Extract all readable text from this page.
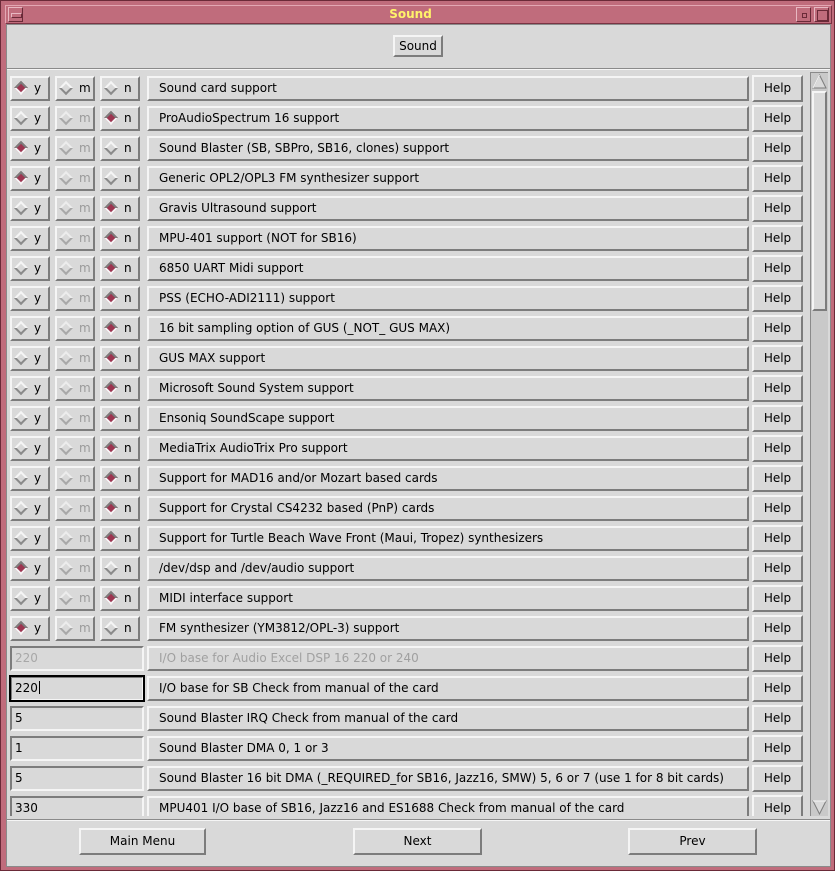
Sound
Sound
y	m	n	Sound card support	Help
y	m	n	ProAudioSpectrum 16 support	Help
y	m	n	Sound Blaster (SB, SBPro, SB16, clones) support	Help
y	m	n	Generic OPL2/OPL3 FM synthesizer support	Help
y	m	n	Gravis Ultrasound support	Help
y	m	n	MPU-401 support (NOT for SB16)	Help
y	m	n	6850 UART Midi support	Help
y	m	n	PSS (ECHO-ADI2111) support	Help
y	m	n	16 bit sampling option of GUS (_NOT_ GUS MAX)	Help
y	m	n	GUS MAX support	Help
y	m	n	Microsoft Sound System support	Help
y	m	n	Ensoniq SoundScape support	Help
y	m	n	MediaTrix AudioTrix Pro support	Help
y	m	n	Support for MAD16 and/or Mozart based cards	Help
y	m	n	Support for Crystal CS4232 based (PnP) cards	Help
y	m	n	Support for Turtle Beach Wave Front (Maui, Tropez) synthesizers	Help
y	m	n	/dev/dsp and /dev/audio support	Help
y	m	n	MIDI interface support	Help
y	m	n	FM synthesizer (YM3812/OPL-3) support	Help
220	I/O base for Audio Excel DSP 16 220 or 240	Help
220	I/O base for SB Check from manual of the card	Help
5	Sound Blaster IRQ Check from manual of the card	Help
1	Sound Blaster DMA 0, 1 or 3	Help
5	Sound Blaster 16 bit DMA (_REQUIRED_for SB16, Jazz16, SMW) 5, 6 or 7 (use 1 for 8 bit cards)	Help
330	MPU401 I/O base of SB16, Jazz16 and ES1688 Check from manual of the card	Help
Main Menu	Next	Prev
